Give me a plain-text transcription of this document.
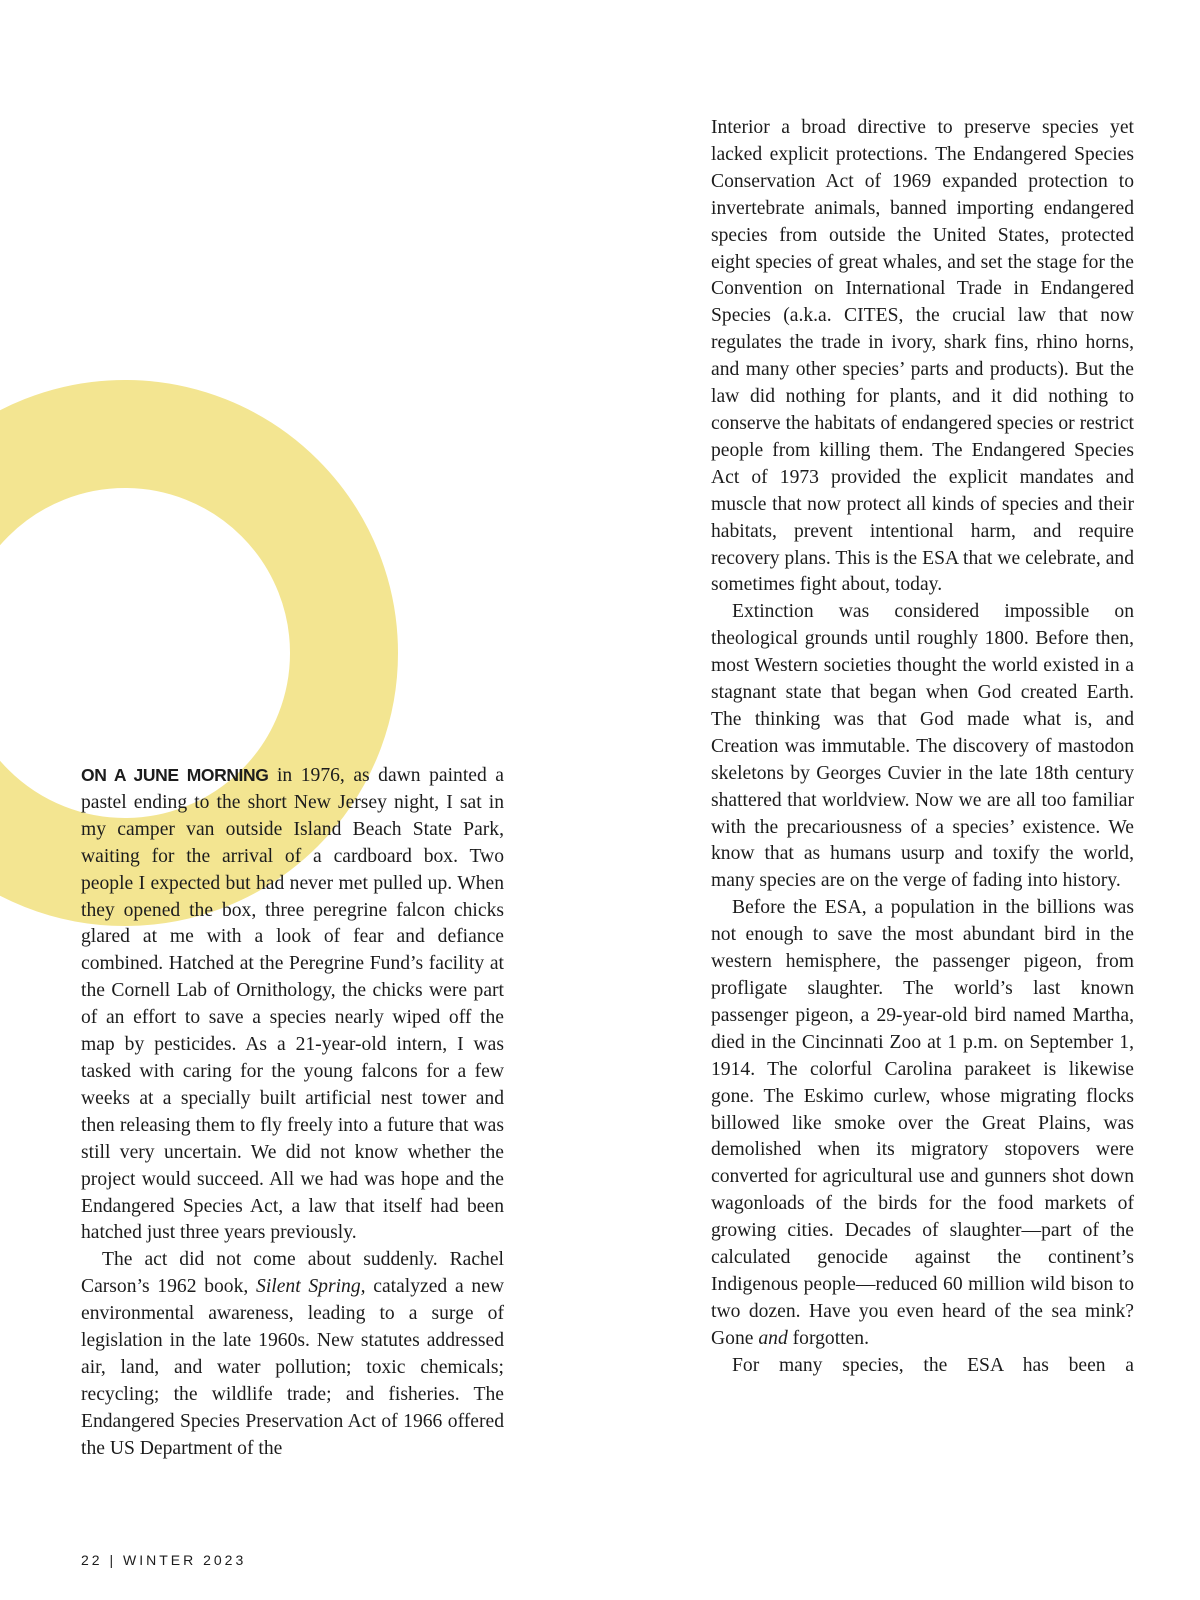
ON A JUNE MORNING in 1976, as dawn painted a pastel ending to the short New Jersey night, I sat in my camper van outside Island Beach State Park, waiting for the arrival of a cardboard box. Two people I expected but had never met pulled up. When they opened the box, three peregrine falcon chicks glared at me with a look of fear and defiance combined. Hatched at the Peregrine Fund’s facility at the Cornell Lab of Ornithology, the chicks were part of an effort to save a species nearly wiped off the map by pesticides. As a 21-year-old intern, I was tasked with caring for the young falcons for a few weeks at a specially built artificial nest tower and then releasing them to fly freely into a future that was still very uncertain. We did not know whether the project would succeed. All we had was hope and the Endangered Species Act, a law that itself had been hatched just three years previously.

The act did not come about suddenly. Rachel Carson’s 1962 book, Silent Spring, catalyzed a new environmental awareness, leading to a surge of legislation in the late 1960s. New statutes addressed air, land, and water pollution; toxic chemicals; recycling; the wildlife trade; and fisheries. The Endangered Species Preservation Act of 1966 offered the US Department of the

Interior a broad directive to preserve species yet lacked explicit protections. The Endangered Species Conservation Act of 1969 expanded protection to invertebrate animals, banned importing endangered species from outside the United States, protected eight species of great whales, and set the stage for the Convention on International Trade in Endangered Species (a.k.a. CITES, the crucial law that now regulates the trade in ivory, shark fins, rhino horns, and many other species’ parts and products). But the law did nothing for plants, and it did nothing to conserve the habitats of endangered species or restrict people from killing them. The Endangered Species Act of 1973 provided the explicit mandates and muscle that now protect all kinds of species and their habitats, prevent intentional harm, and require recovery plans. This is the ESA that we celebrate, and sometimes fight about, today.

Extinction was considered impossible on theological grounds until roughly 1800. Before then, most Western societies thought the world existed in a stagnant state that began when God created Earth. The thinking was that God made what is, and Creation was immutable. The discovery of mastodon skeletons by Georges Cuvier in the late 18th century shattered that worldview. Now we are all too familiar with the precariousness of a species’ existence. We know that as humans usurp and toxify the world, many species are on the verge of fading into history.

Before the ESA, a population in the billions was not enough to save the most abundant bird in the western hemisphere, the passenger pigeon, from profligate slaughter. The world’s last known passenger pigeon, a 29-year-old bird named Martha, died in the Cincinnati Zoo at 1 p.m. on September 1, 1914. The colorful Carolina parakeet is likewise gone. The Eskimo curlew, whose migrating flocks billowed like smoke over the Great Plains, was demolished when its migratory stopovers were converted for agricultural use and gunners shot down wagonloads of the birds for the food markets of growing cities. Decades of slaughter—part of the calculated genocide against the continent’s Indigenous people—reduced 60 million wild bison to two dozen. Have you even heard of the sea mink? Gone and forgotten.

For many species, the ESA has been a

22 | WINTER 2023
